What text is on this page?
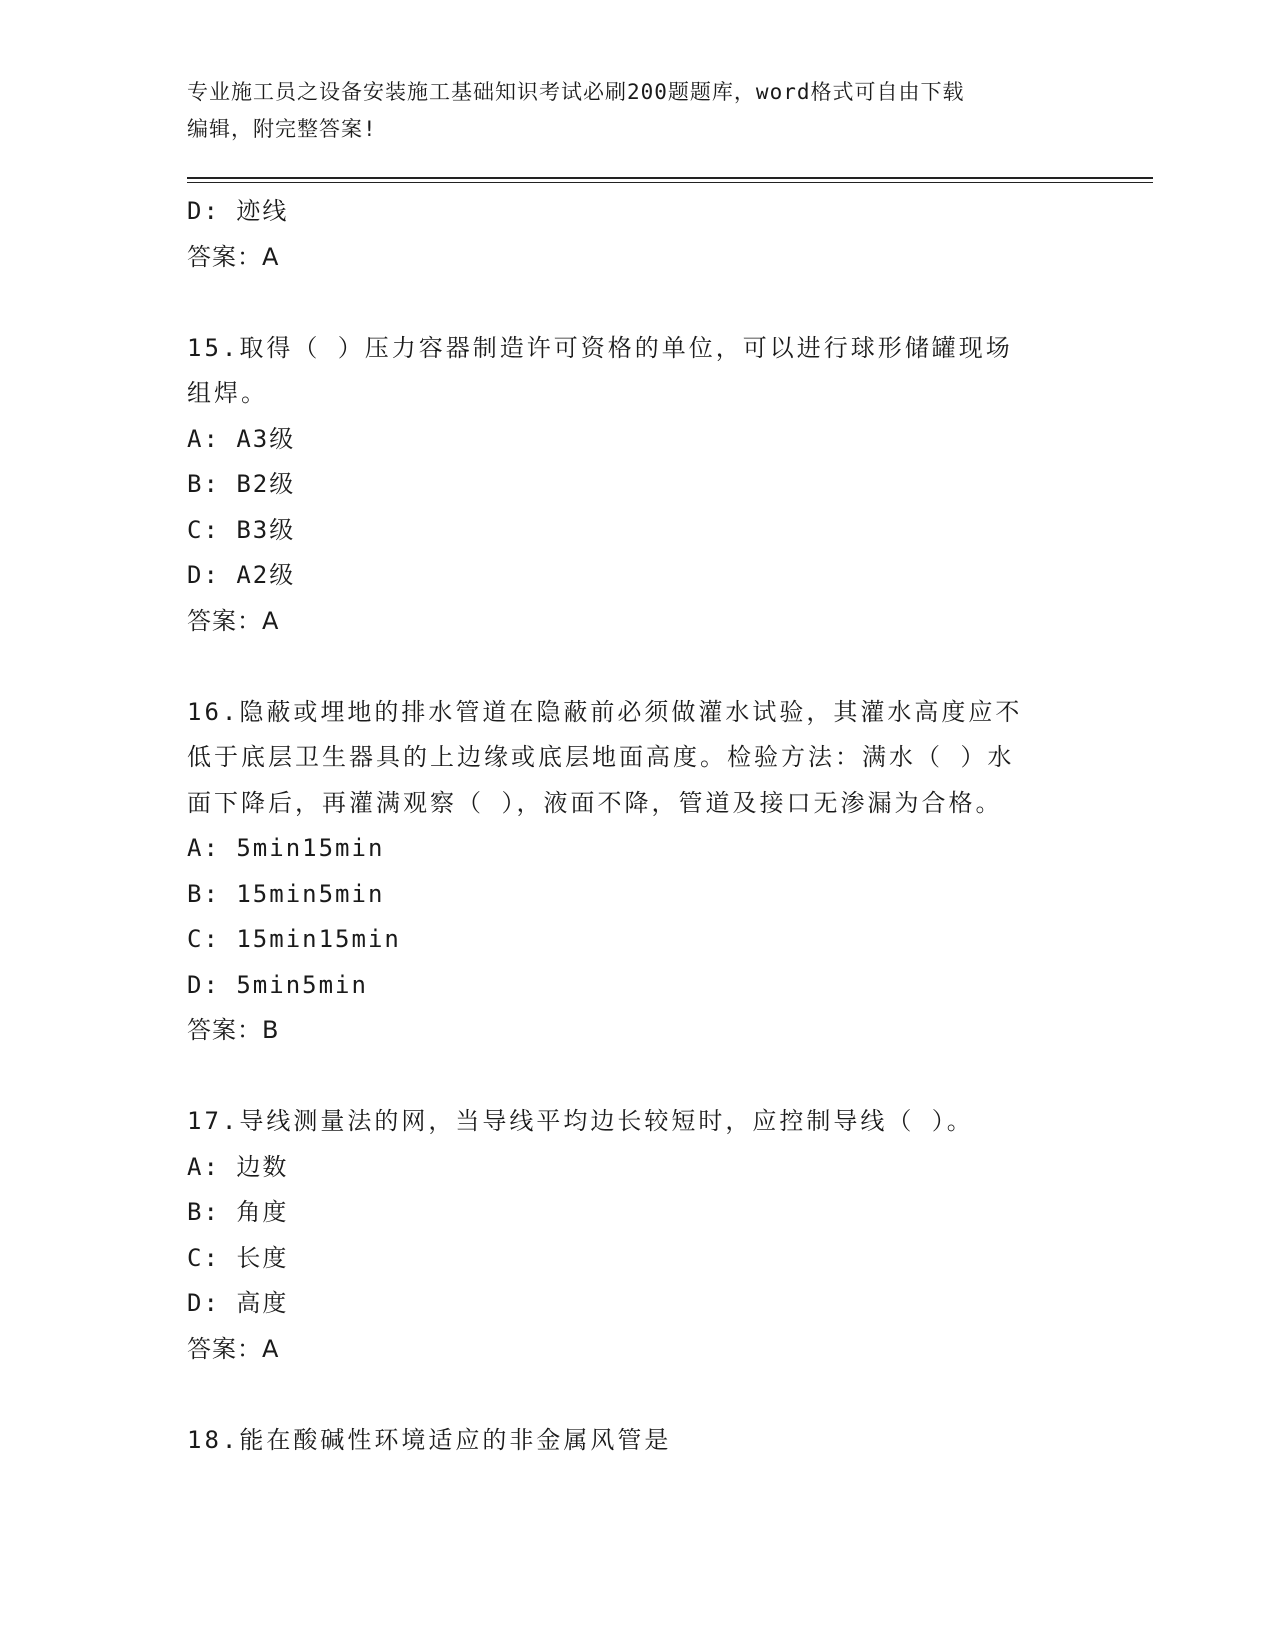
专业施工员之设备安装施工基础知识考试必刷200题题库，word格式可自由下载
编辑，附完整答案!
D: 迹线
答案：A
15.取得（ ）压力容器制造许可资格的单位，可以进行球形储罐现场
组焊。
A: A3级
B: B2级
C: B3级
D: A2级
答案：A
16.隐蔽或埋地的排水管道在隐蔽前必须做灌水试验，其灌水高度应不
低于底层卫生器具的上边缘或底层地面高度。检验方法：满水（ ）水
面下降后，再灌满观察（ ），液面不降，管道及接口无渗漏为合格。
A: 5min15min
B: 15min5min
C: 15min15min
D: 5min5min
答案：B
17.导线测量法的网，当导线平均边长较短时，应控制导线（ ）。
A: 边数
B: 角度
C: 长度
D: 高度
答案：A
18.能在酸碱性环境适应的非金属风管是
